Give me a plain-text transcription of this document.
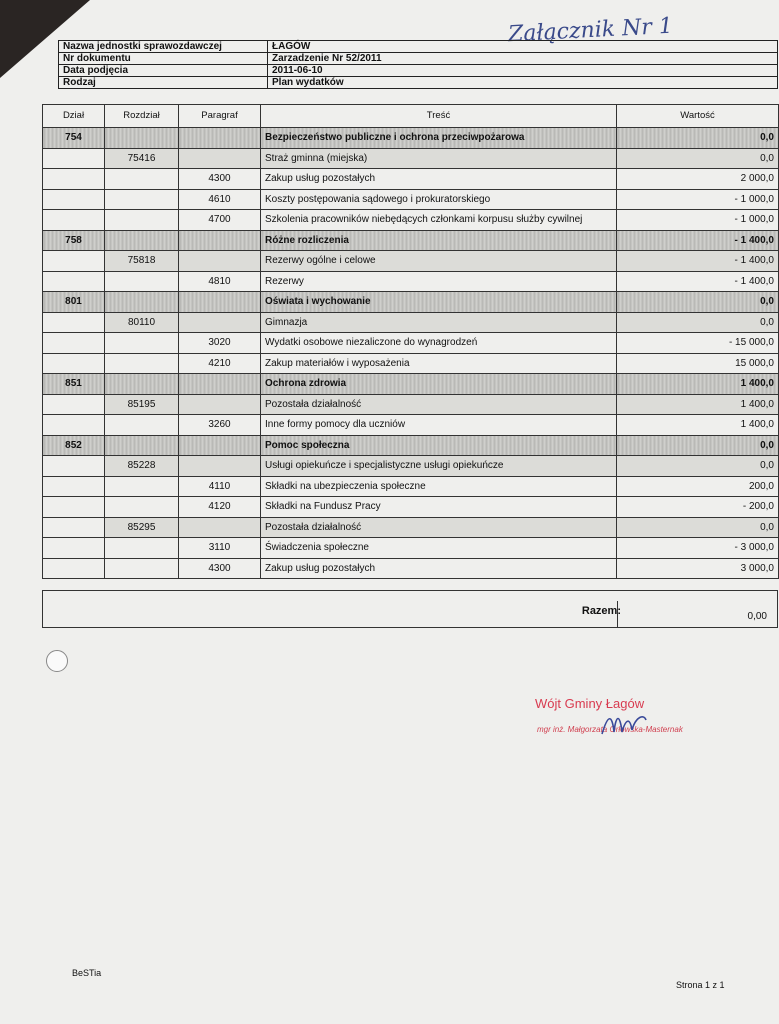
Załącznik Nr 1
Nazwa jednostki sprawozdawczej	ŁAGÓW
Nr dokumentu	Zarzadzenie Nr 52/2011
Data podjęcia	2011-06-10
Rodzaj	Plan wydatków
Dział	Rozdział	Paragraf	Treść	Wartość
754			Bezpieczeństwo publiczne i ochrona przeciwpożarowa	0,0
	75416		Straż gminna (miejska)	0,0
		4300	Zakup usług pozostałych	2 000,0
		4610	Koszty postępowania sądowego i prokuratorskiego	- 1 000,0
		4700	Szkolenia pracowników niebędących członkami korpusu służby cywilnej	- 1 000,0
758			Różne rozliczenia	- 1 400,0
	75818		Rezerwy ogólne i celowe	- 1 400,0
		4810	Rezerwy	- 1 400,0
801			Oświata i wychowanie	0,0
	80110		Gimnazja	0,0
		3020	Wydatki osobowe niezaliczone do wynagrodzeń	- 15 000,0
		4210	Zakup materiałów i wyposażenia	15 000,0
851			Ochrona zdrowia	1 400,0
	85195		Pozostała działalność	1 400,0
		3260	Inne formy pomocy dla uczniów	1 400,0
852			Pomoc społeczna	0,0
	85228		Usługi opiekuńcze i specjalistyczne usługi opiekuńcze	0,0
		4110	Składki na ubezpieczenia społeczne	200,0
		4120	Składki na Fundusz Pracy	- 200,0
	85295		Pozostała działalność	0,0
		3110	Świadczenia społeczne	- 3 000,0
		4300	Zakup usług pozostałych	3 000,0
Razem:	0,00
Wójt Gminy Łagów
mgr inż. Małgorzata Orłowska-Masternak
BeSTia
Strona 1 z 1
